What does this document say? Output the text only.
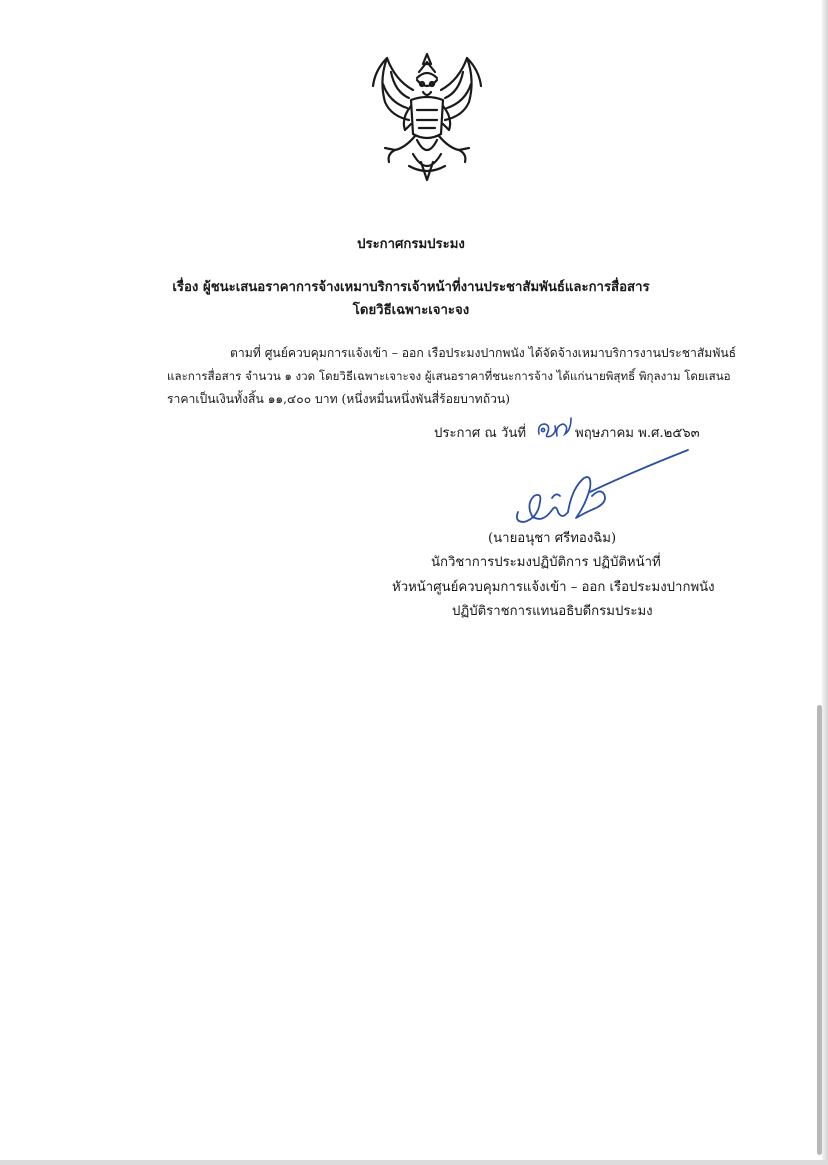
ประกาศกรมประมง
เรื่อง ผู้ชนะเสนอราคาการจ้างเหมาบริการเจ้าหน้าที่งานประชาสัมพันธ์และการสื่อสาร
โดยวิธีเฉพาะเจาะจง
ตามที่ ศูนย์ควบคุมการแจ้งเข้า – ออก เรือประมงปากพนัง ได้จัดจ้างเหมาบริการงานประชาสัมพันธ์
และการสื่อสาร จำนวน ๑ งวด โดยวิธีเฉพาะเจาะจง ผู้เสนอราคาที่ชนะการจ้าง ได้แก่นายพิสุทธิ์ พิกุลงาม โดยเสนอ
ราคาเป็นเงินทั้งสิ้น ๑๑,๔๐๐ บาท (หนึ่งหมื่นหนึ่งพันสี่ร้อยบาทถ้วน)
ประกาศ ณ วันที่	พฤษภาคม พ.ศ.๒๕๖๓
(นายอนุชา ศรีทองฉิม)
นักวิชาการประมงปฏิบัติการ ปฏิบัติหน้าที่
หัวหน้าศูนย์ควบคุมการแจ้งเข้า – ออก เรือประมงปากพนัง
ปฏิบัติราชการแทนอธิบดีกรมประมง
